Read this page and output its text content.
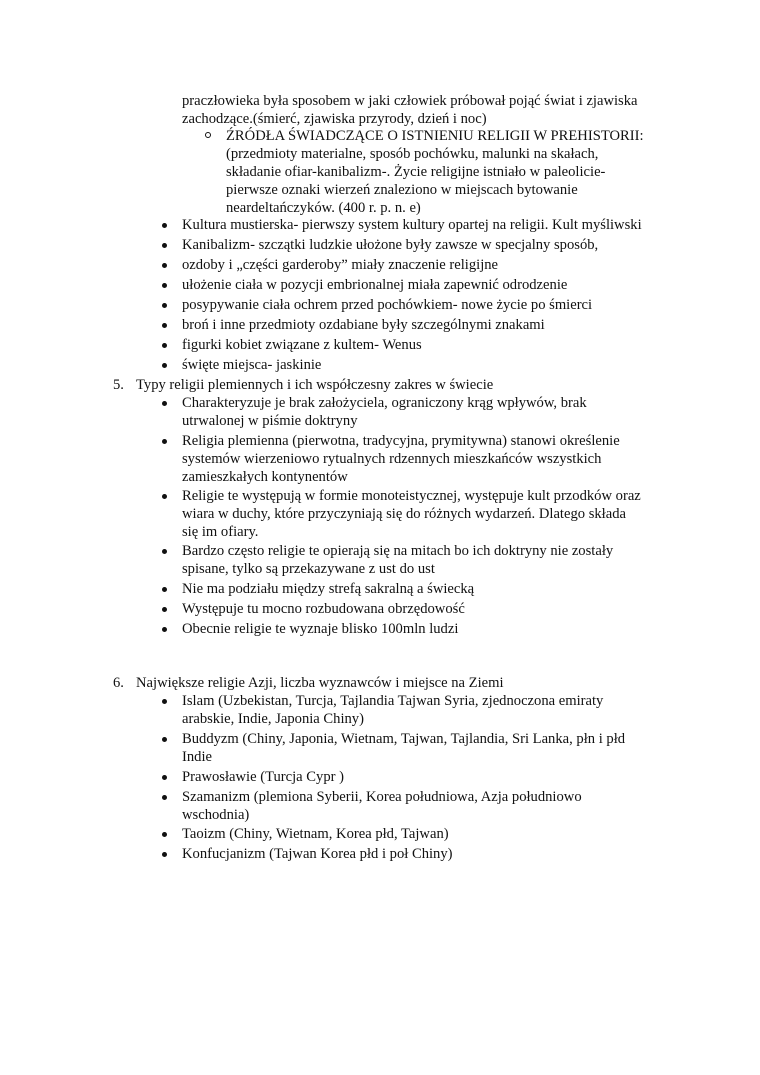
praczłowieka była sposobem w jaki człowiek próbował pojąć świat i zjawiska
zachodzące.(śmierć, zjawiska przyrody, dzień i noc)
ŹRÓDŁA ŚWIADCZĄCE O ISTNIENIU RELIGII W PREHISTORII:
(przedmioty materialne, sposób pochówku, malunki na skałach,
składanie ofiar-kanibalizm-. Życie religijne istniało w paleolicie-
pierwsze oznaki wierzeń znaleziono w miejscach bytowanie
neardeltańczyków. (400 r. p. n. e)
Kultura mustierska- pierwszy system kultury opartej na religii. Kult myśliwski
Kanibalizm- szczątki ludzkie ułożone były zawsze w specjalny sposób,
ozdoby i „części garderoby” miały znaczenie religijne
ułożenie ciała w pozycji embrionalnej miała zapewnić odrodzenie
posypywanie ciała ochrem przed pochówkiem- nowe życie po śmierci
broń i inne przedmioty ozdabiane były szczególnymi znakami
figurki kobiet związane z kultem- Wenus
święte miejsca- jaskinie
5. Typy religii plemiennych i ich współczesny zakres w świecie
Charakteryzuje je brak założyciela, ograniczony krąg wpływów, brak
utrwalonej w piśmie doktryny
Religia plemienna (pierwotna, tradycyjna, prymitywna) stanowi określenie
systemów wierzeniowo rytualnych rdzennych mieszkańców wszystkich
zamieszkałych kontynentów
Religie te występują w formie monoteistycznej, występuje kult przodków oraz
wiara w duchy, które przyczyniają się do różnych wydarzeń. Dlatego składa
się im ofiary.
Bardzo często religie te opierają się na mitach bo ich doktryny nie zostały
spisane, tylko są przekazywane z ust do ust
Nie ma podziału między strefą sakralną a świecką
Występuje tu mocno rozbudowana obrzędowość
Obecnie religie te wyznaje blisko 100mln ludzi
6. Największe religie Azji, liczba wyznawców i miejsce na Ziemi
Islam (Uzbekistan, Turcja, Tajlandia Tajwan Syria, zjednoczona emiraty
arabskie, Indie, Japonia Chiny)
Buddyzm (Chiny, Japonia, Wietnam, Tajwan, Tajlandia, Sri Lanka, płn i płd
Indie
Prawosławie (Turcja Cypr )
Szamanizm (plemiona Syberii, Korea południowa, Azja południowo
wschodnia)
Taoizm (Chiny, Wietnam, Korea płd, Tajwan)
Konfucjanizm (Tajwan Korea płd i poł Chiny)
